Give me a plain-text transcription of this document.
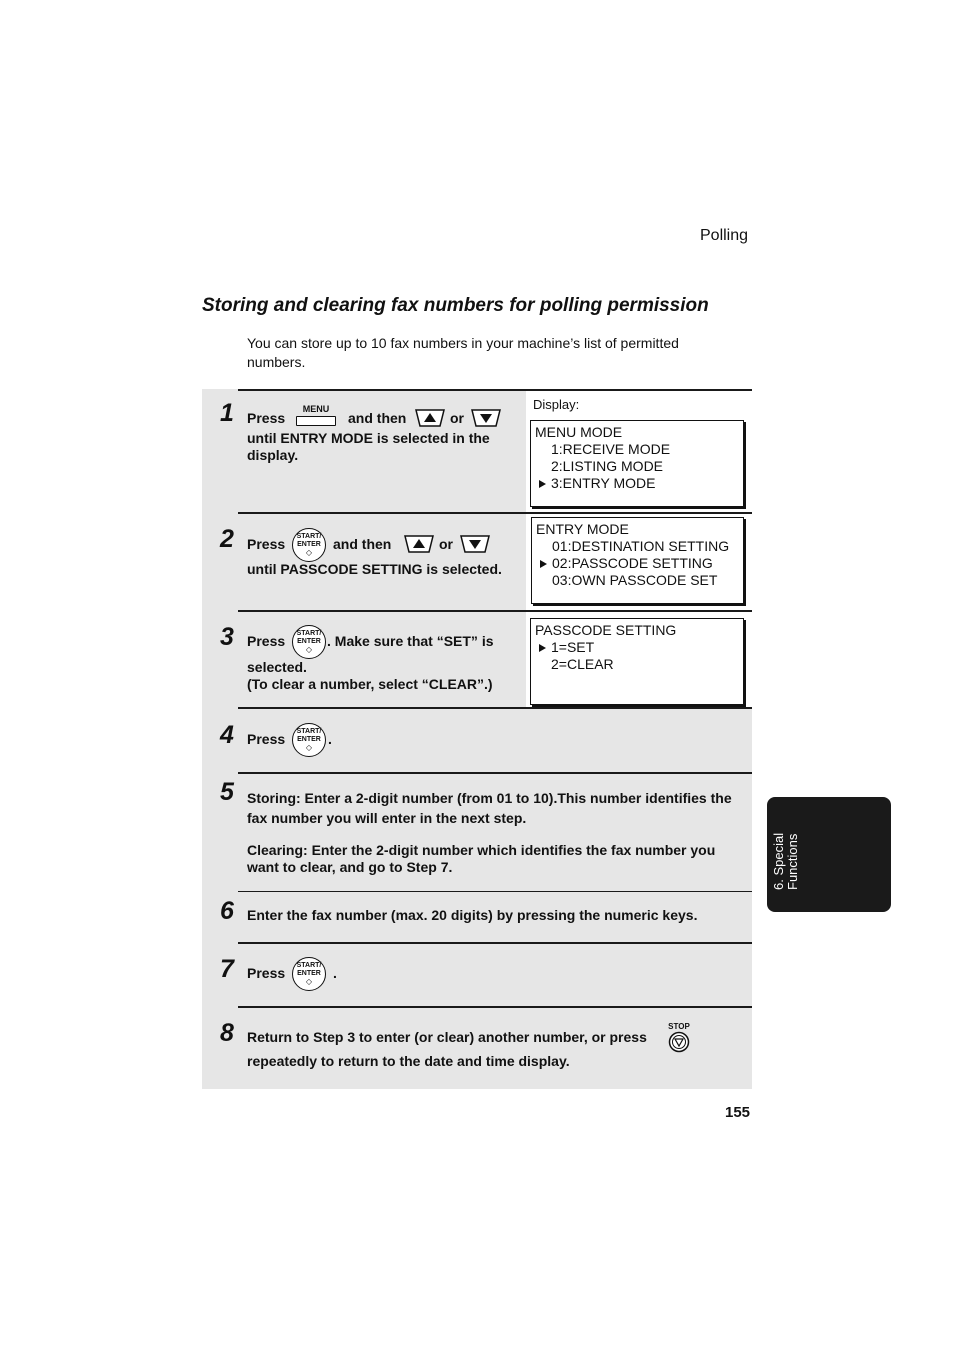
Polling
Storing and clearing fax numbers for polling permission
You can store up to 10 fax numbers in your machine’s list of permitted numbers.
1 Press
MENU
and then	or
until ENTRY MODE is selected in the display.
Display:
MENU MODE
1:RECEIVE MODE
2:LISTING MODE
3:ENTRY MODE
2 Press	START/
ENTER
◇
and then	or
until PASSCODE SETTING is selected.
ENTRY MODE
01:DESTINATION SETTING
02:PASSCODE SETTING
03:OWN PASSCODE SET
3 Press	START/
ENTER
◇
. Make sure that “SET” is
selected.
(To clear a number, select “CLEAR”.)
PASSCODE SETTING
1=SET
2=CLEAR
4 Press	START/
ENTER
◇
.
5 Storing: Enter a 2-digit number (from 01 to 10).This number identifies the fax number you will enter in the next step.
Clearing: Enter the 2-digit number which identifies the fax number you want to clear, and go to Step 7.
6 Enter the fax number (max. 20 digits) by pressing the numeric keys.
7 Press	START/
ENTER
◇
.
8 Return to Step 3 to enter (or clear) another number, or press
STOP
repeatedly to return to the date and time display.
6. Special Functions
155
